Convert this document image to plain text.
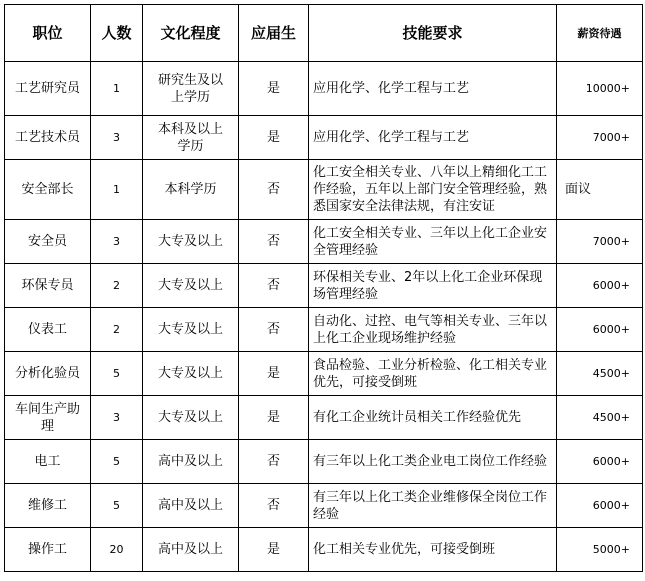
职位	人数	文化程度	应届生	技能要求	薪资待遇
工艺研究员	1	研究生及以上学历	是	应用化学、化学工程与工艺	10000+
工艺技术员	3	本科及以上学历	是	应用化学、化学工程与工艺	7000+
安全部长	1	本科学历	否	化工安全相关专业、八年以上精细化工工作经验，五年以上部门安全管理经验，熟悉国家安全法律法规，有注安证	面议
安全员	3	大专及以上	否	化工安全相关专业、三年以上化工企业安全管理经验	7000+
环保专员	2	大专及以上	否	环保相关专业、2年以上化工企业环保现场管理经验	6000+
仪表工	2	大专及以上	否	自动化、过控、电气等相关专业、三年以上化工企业现场维护经验	6000+
分析化验员	5	大专及以上	是	食品检验、工业分析检验、化工相关专业优先，可接受倒班	4500+
车间生产助理	3	大专及以上	是	有化工企业统计员相关工作经验优先	4500+
电工	5	高中及以上	否	有三年以上化工类企业电工岗位工作经验	6000+
维修工	5	高中及以上	否	有三年以上化工类企业维修保全岗位工作经验	6000+
操作工	20	高中及以上	是	化工相关专业优先，可接受倒班	5000+
